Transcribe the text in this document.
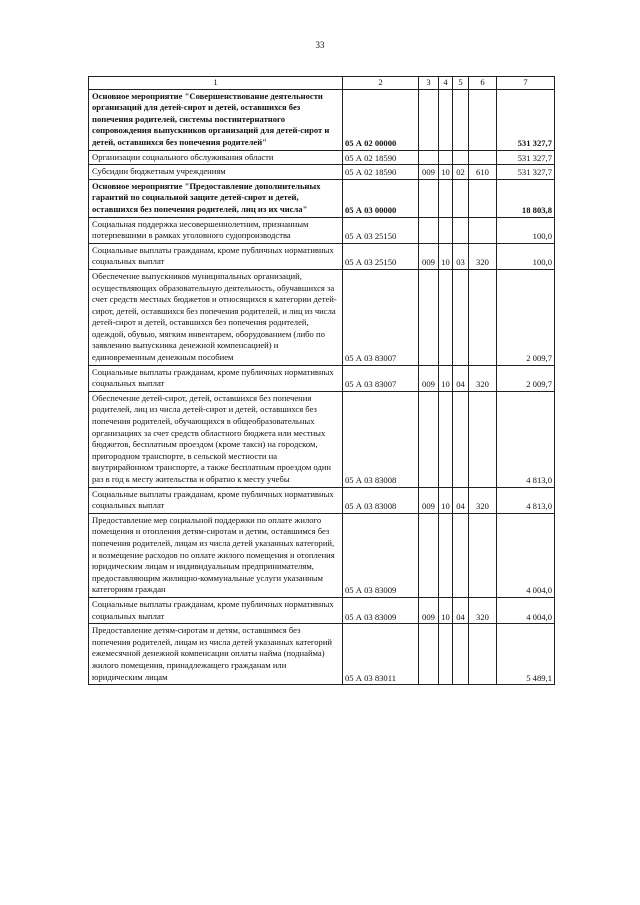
33
1	2	3	4	5	6	7
Основное мероприятие "Совершенствование деятельности организаций для детей-сирот и детей, оставшихся без попечения родителей, системы постинтернатного сопровождения выпускников организаций для детей-сирот и детей, оставшихся без попечения родителей"	05 А 02 00000					531 327,7
Организации социального обслуживания области	05 А 02 18590					531 327,7
Субсидии бюджетным учреждениям	05 А 02 18590	009	10	02	610	531 327,7
Основное мероприятие "Предоставление дополнительных гарантий по социальной защите детей-сирот и детей, оставшихся без попечения родителей, лиц из их числа"	05 А 03 00000					18 803,8
Социальная поддержка несовершеннолетним, признанным потерпевшими в рамках уголовного судопроизводства	05 А 03 25150					100,0
Социальные выплаты гражданам, кроме публичных нормативных социальных выплат	05 А 03 25150	009	10	03	320	100,0
Обеспечение выпускников муниципальных организаций, осуществляющих образовательную деятельность, обучавшихся за счет средств местных бюджетов и относящихся к категории детей-сирот, детей, оставшихся без попечения родителей, и лиц из числа детей-сирот и детей, оставшихся без попечения родителей, одеждой, обувью, мягким инвентарем, оборудованием (либо по заявлению выпускника денежной компенсацией) и единовременным денежным пособием	05 А 03 83007					2 009,7
Социальные выплаты гражданам, кроме публичных нормативных социальных выплат	05 А 03 83007	009	10	04	320	2 009,7
Обеспечение детей-сирот, детей, оставшихся без попечения родителей, лиц из числа детей-сирот и детей, оставшихся без попечения родителей, обучающихся в общеобразовательных организациях за счет средств областного бюджета или местных бюджетов, бесплатным проездом (кроме такси) на городском, пригородном транспорте, в сельской местности на внутрирайонном транспорте, а также бесплатным проездом один раз в год к месту жительства и обратно к месту учебы	05 А 03 83008					4 813,0
Социальные выплаты гражданам, кроме публичных нормативных социальных выплат	05 А 03 83008	009	10	04	320	4 813,0
Предоставление мер социальной поддержки по оплате жилого помещения и отопления детям-сиротам и детям, оставшимся без попечения родителей, лицам из числа детей указанных категорий, и возмещение расходов по оплате жилого помещения и отопления юридическим лицам и индивидуальным предпринимателям, предоставляющим жилищно-коммунальные услуги указанным категориям граждан	05 А 03 83009					4 004,0
Социальные выплаты гражданам, кроме публичных нормативных социальных выплат	05 А 03 83009	009	10	04	320	4 004,0
Предоставление детям-сиротам и детям, оставшимся без попечения родителей, лицам из числа детей указанных категорий ежемесячной денежной компенсации оплаты найма (поднайма) жилого помещения, принадлежащего гражданам или юридическим лицам	05 А 03 83011					5 489,1
